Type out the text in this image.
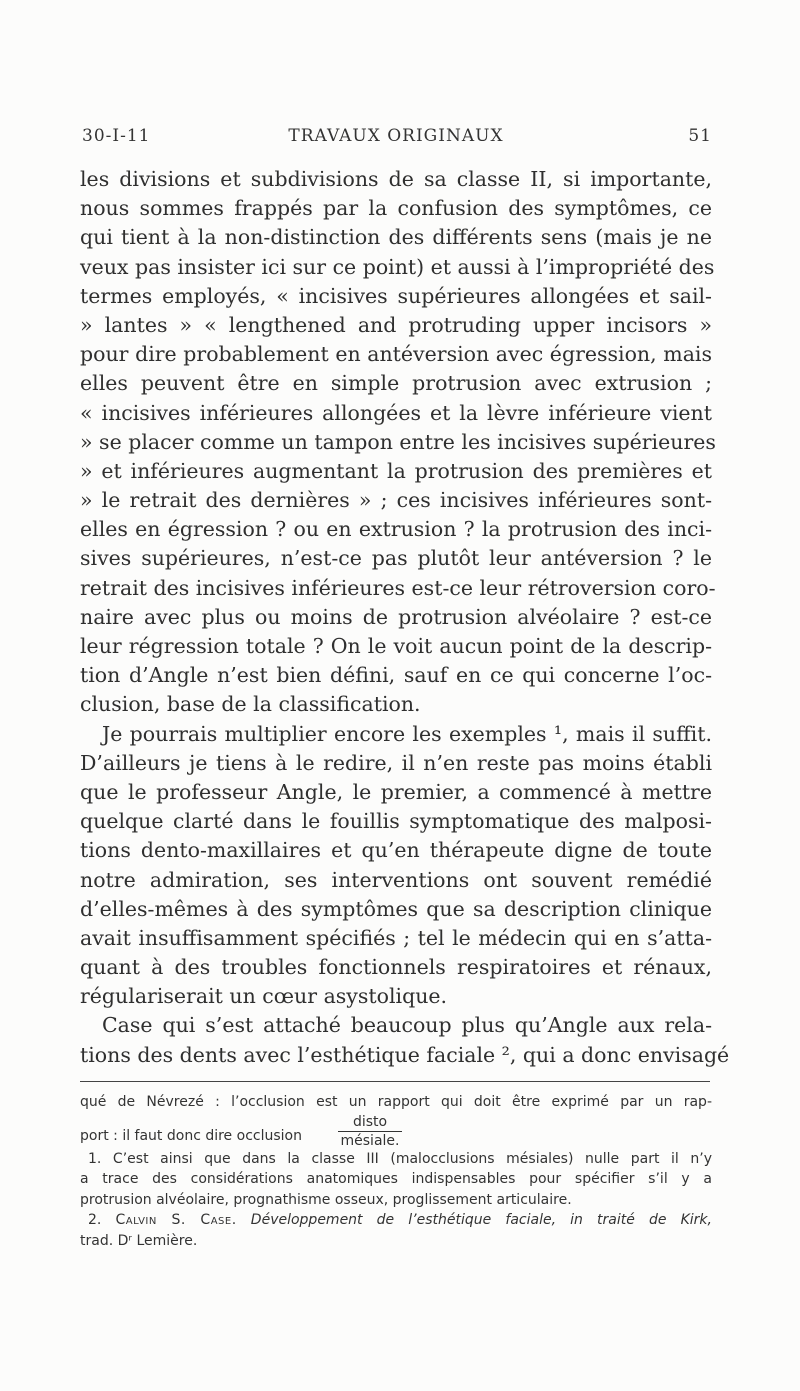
30-I-11	TRAVAUX ORIGINAUX	51
les divisions et subdivisions de sa classe II, si importante,
nous sommes frappés par la confusion des symptômes, ce
qui tient à la non-distinction des différents sens (mais je ne
veux pas insister ici sur ce point) et aussi à l’impropriété des
termes employés, « incisives supérieures allongées et sail-
» lantes » « lengthened and protruding upper incisors »
pour dire probablement en antéversion avec égression, mais
elles peuvent être en simple protrusion avec extrusion ;
« incisives inférieures allongées et la lèvre inférieure vient
» se placer comme un tampon entre les incisives supérieures
» et inférieures augmentant la protrusion des premières et
» le retrait des dernières » ; ces incisives inférieures sont-
elles en égression ? ou en extrusion ? la protrusion des inci-
sives supérieures, n’est-ce pas plutôt leur antéversion ? le
retrait des incisives inférieures est-ce leur rétroversion coro-
naire avec plus ou moins de protrusion alvéolaire ? est-ce
leur régression totale ? On le voit aucun point de la descrip-
tion d’Angle n’est bien défini, sauf en ce qui concerne l’oc-
clusion, base de la classification.
Je pourrais multiplier encore les exemples ¹, mais il suffit.
D’ailleurs je tiens à le redire, il n’en reste pas moins établi
que le professeur Angle, le premier, a commencé à mettre
quelque clarté dans le fouillis symptomatique des malposi-
tions dento-maxillaires et qu’en thérapeute digne de toute
notre admiration, ses interventions ont souvent remédié
d’elles-mêmes à des symptômes que sa description clinique
avait insuffisamment spécifiés ; tel le médecin qui en s’atta-
quant à des troubles fonctionnels respiratoires et rénaux,
régulariserait un cœur asystolique.
Case qui s’est attaché beaucoup plus qu’Angle aux rela-
tions des dents avec l’esthétique faciale ², qui a donc envisagé
qué de Névrezé : l’occlusion est un rapport qui doit être exprimé par un rap-
port : il faut donc dire occlusion
disto
mésiale.
1. C’est ainsi que dans la classe III (malocclusions mésiales) nulle part il n’y
a trace des considérations anatomiques indispensables pour spécifier s’il y a
protrusion alvéolaire, prognathisme osseux, proglissement articulaire.
2. Calvin S. Case. Développement de l’esthétique faciale, in traité de Kirk,
trad. Dʳ Lemière.
